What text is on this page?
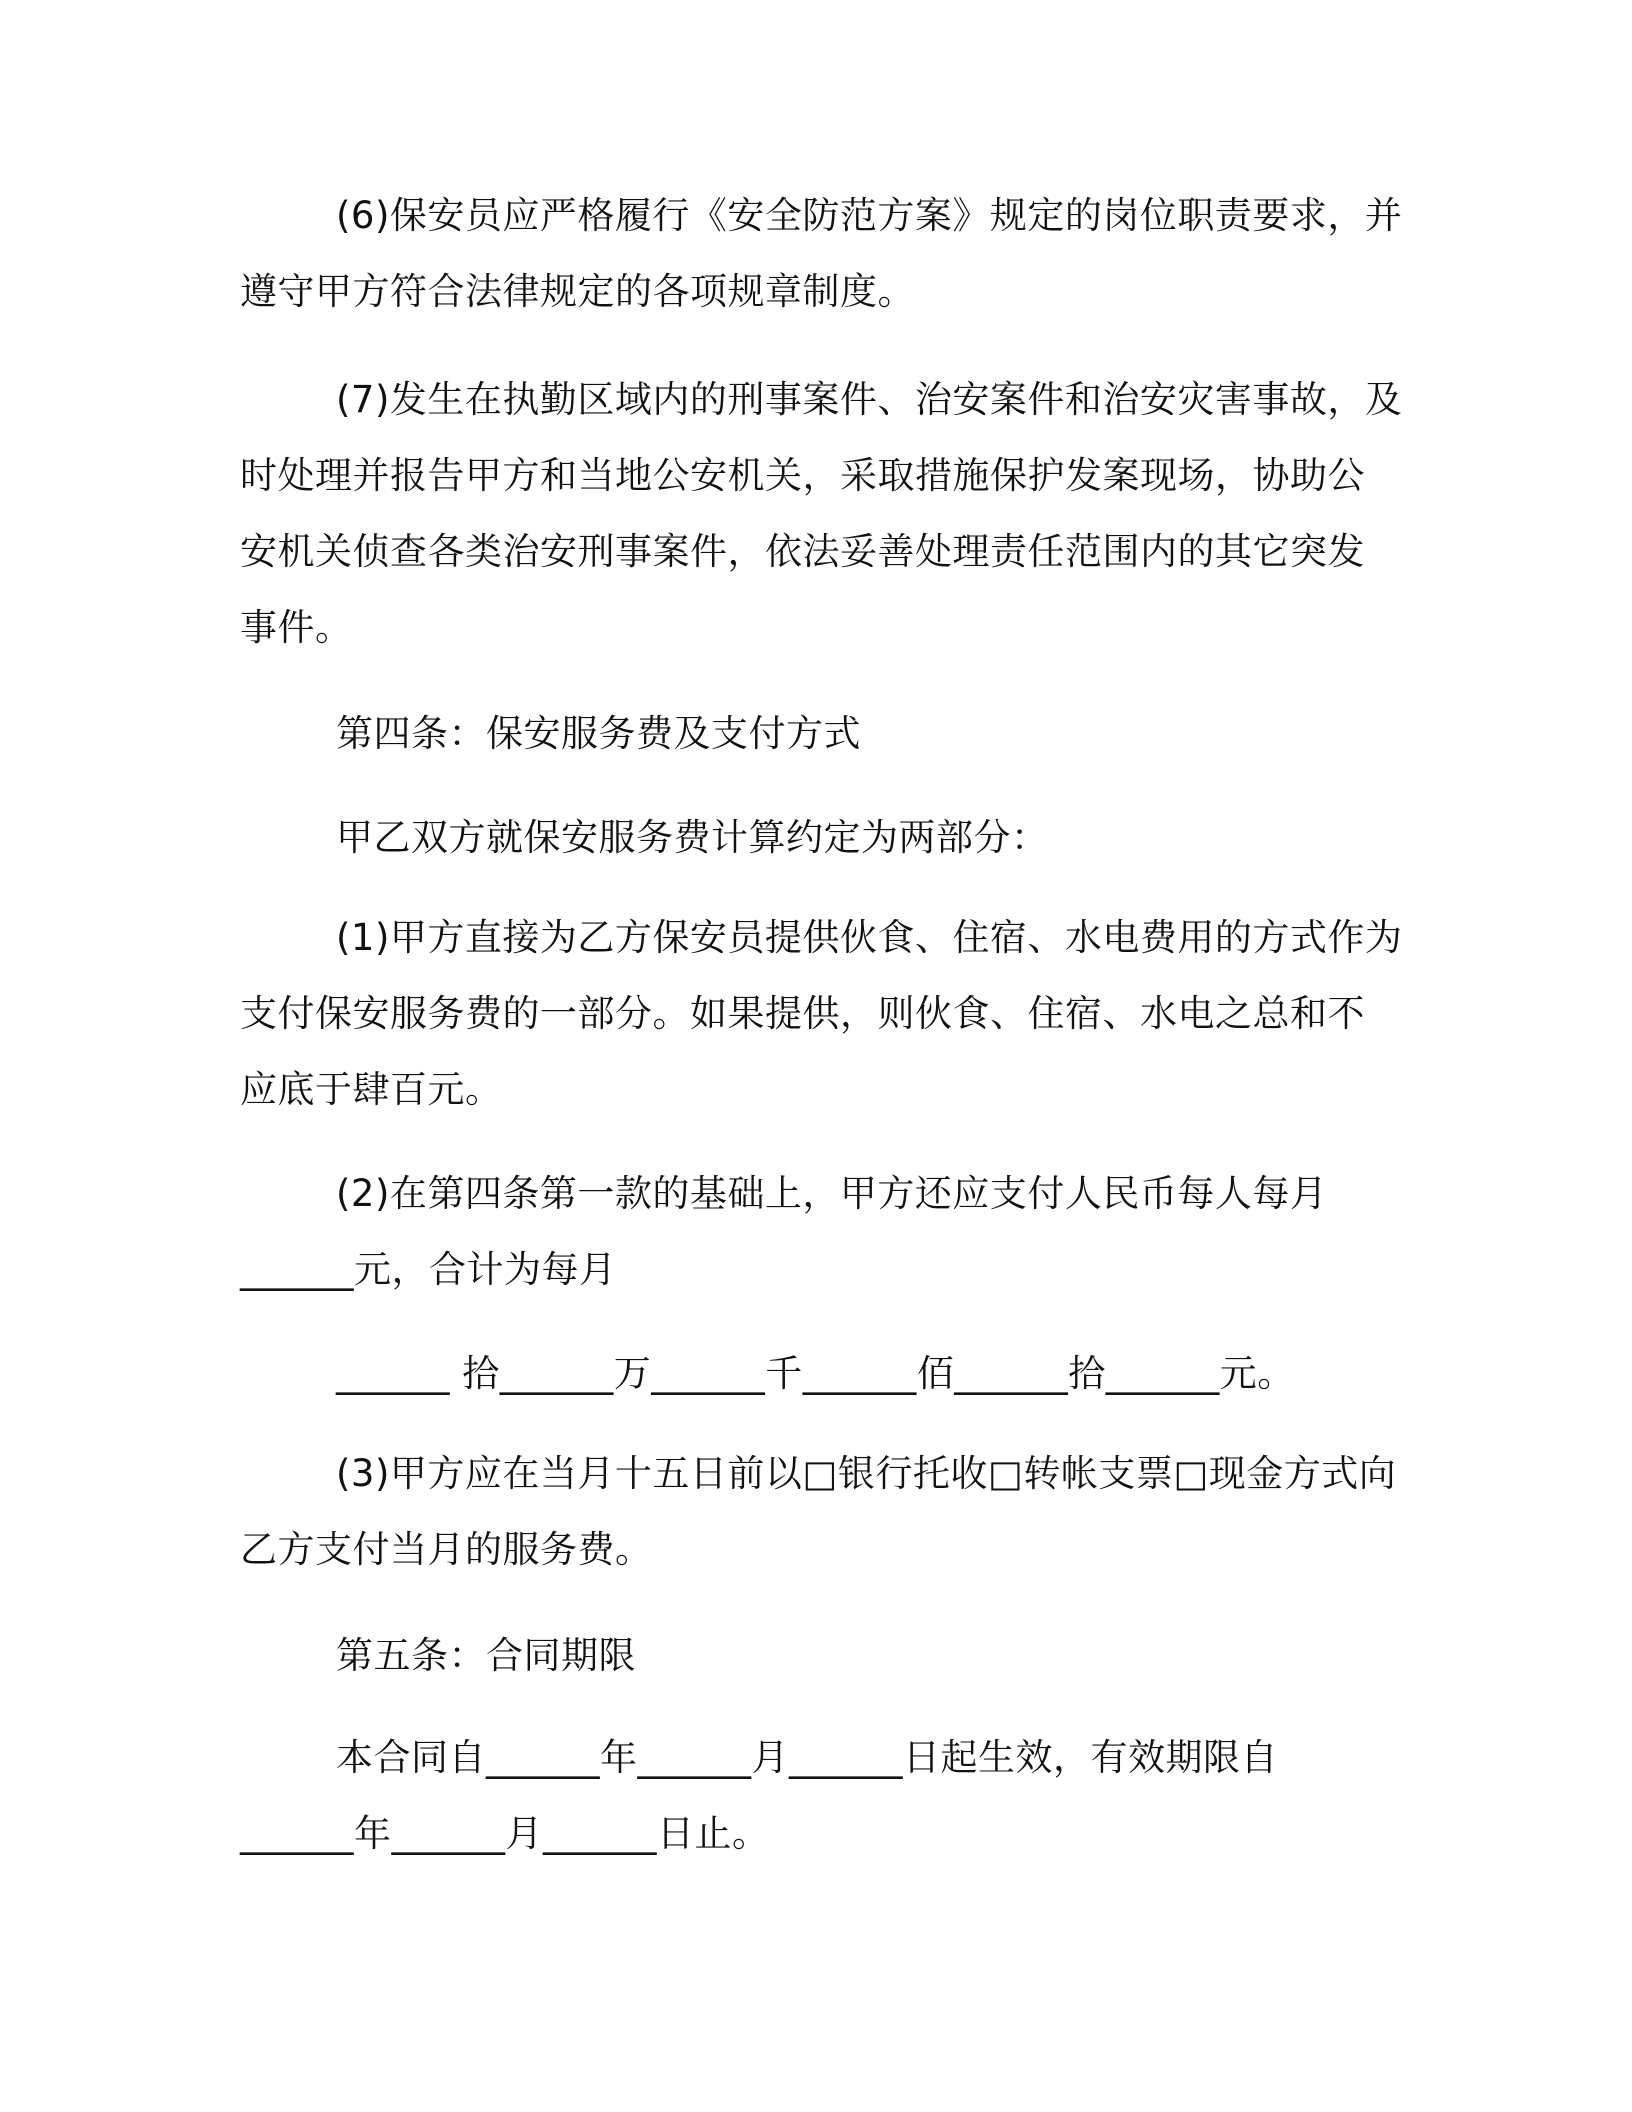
(6)保安员应严格履行《安全防范方案》规定的岗位职责要求，并
遵守甲方符合法律规定的各项规章制度。

(7)发生在执勤区域内的刑事案件、治安案件和治安灾害事故，及
时处理并报告甲方和当地公安机关，采取措施保护发案现场，协助公
安机关侦查各类治安刑事案件，依法妥善处理责任范围内的其它突发
事件。

第四条：保安服务费及支付方式

甲乙双方就保安服务费计算约定为两部分：

(1)甲方直接为乙方保安员提供伙食、住宿、水电费用的方式作为
支付保安服务费的一部分。如果提供，则伙食、住宿、水电之总和不
应底于肆百元。

(2)在第四条第一款的基础上，甲方还应支付人民币每人每月
______元，合计为每月

______ 拾______万______千______佰______拾______元。

(3)甲方应在当月十五日前以□银行托收□转帐支票□现金方式向
乙方支付当月的服务费。

第五条：合同期限

本合同自______年______月______日起生效，有效期限自
______年______月______日止。
